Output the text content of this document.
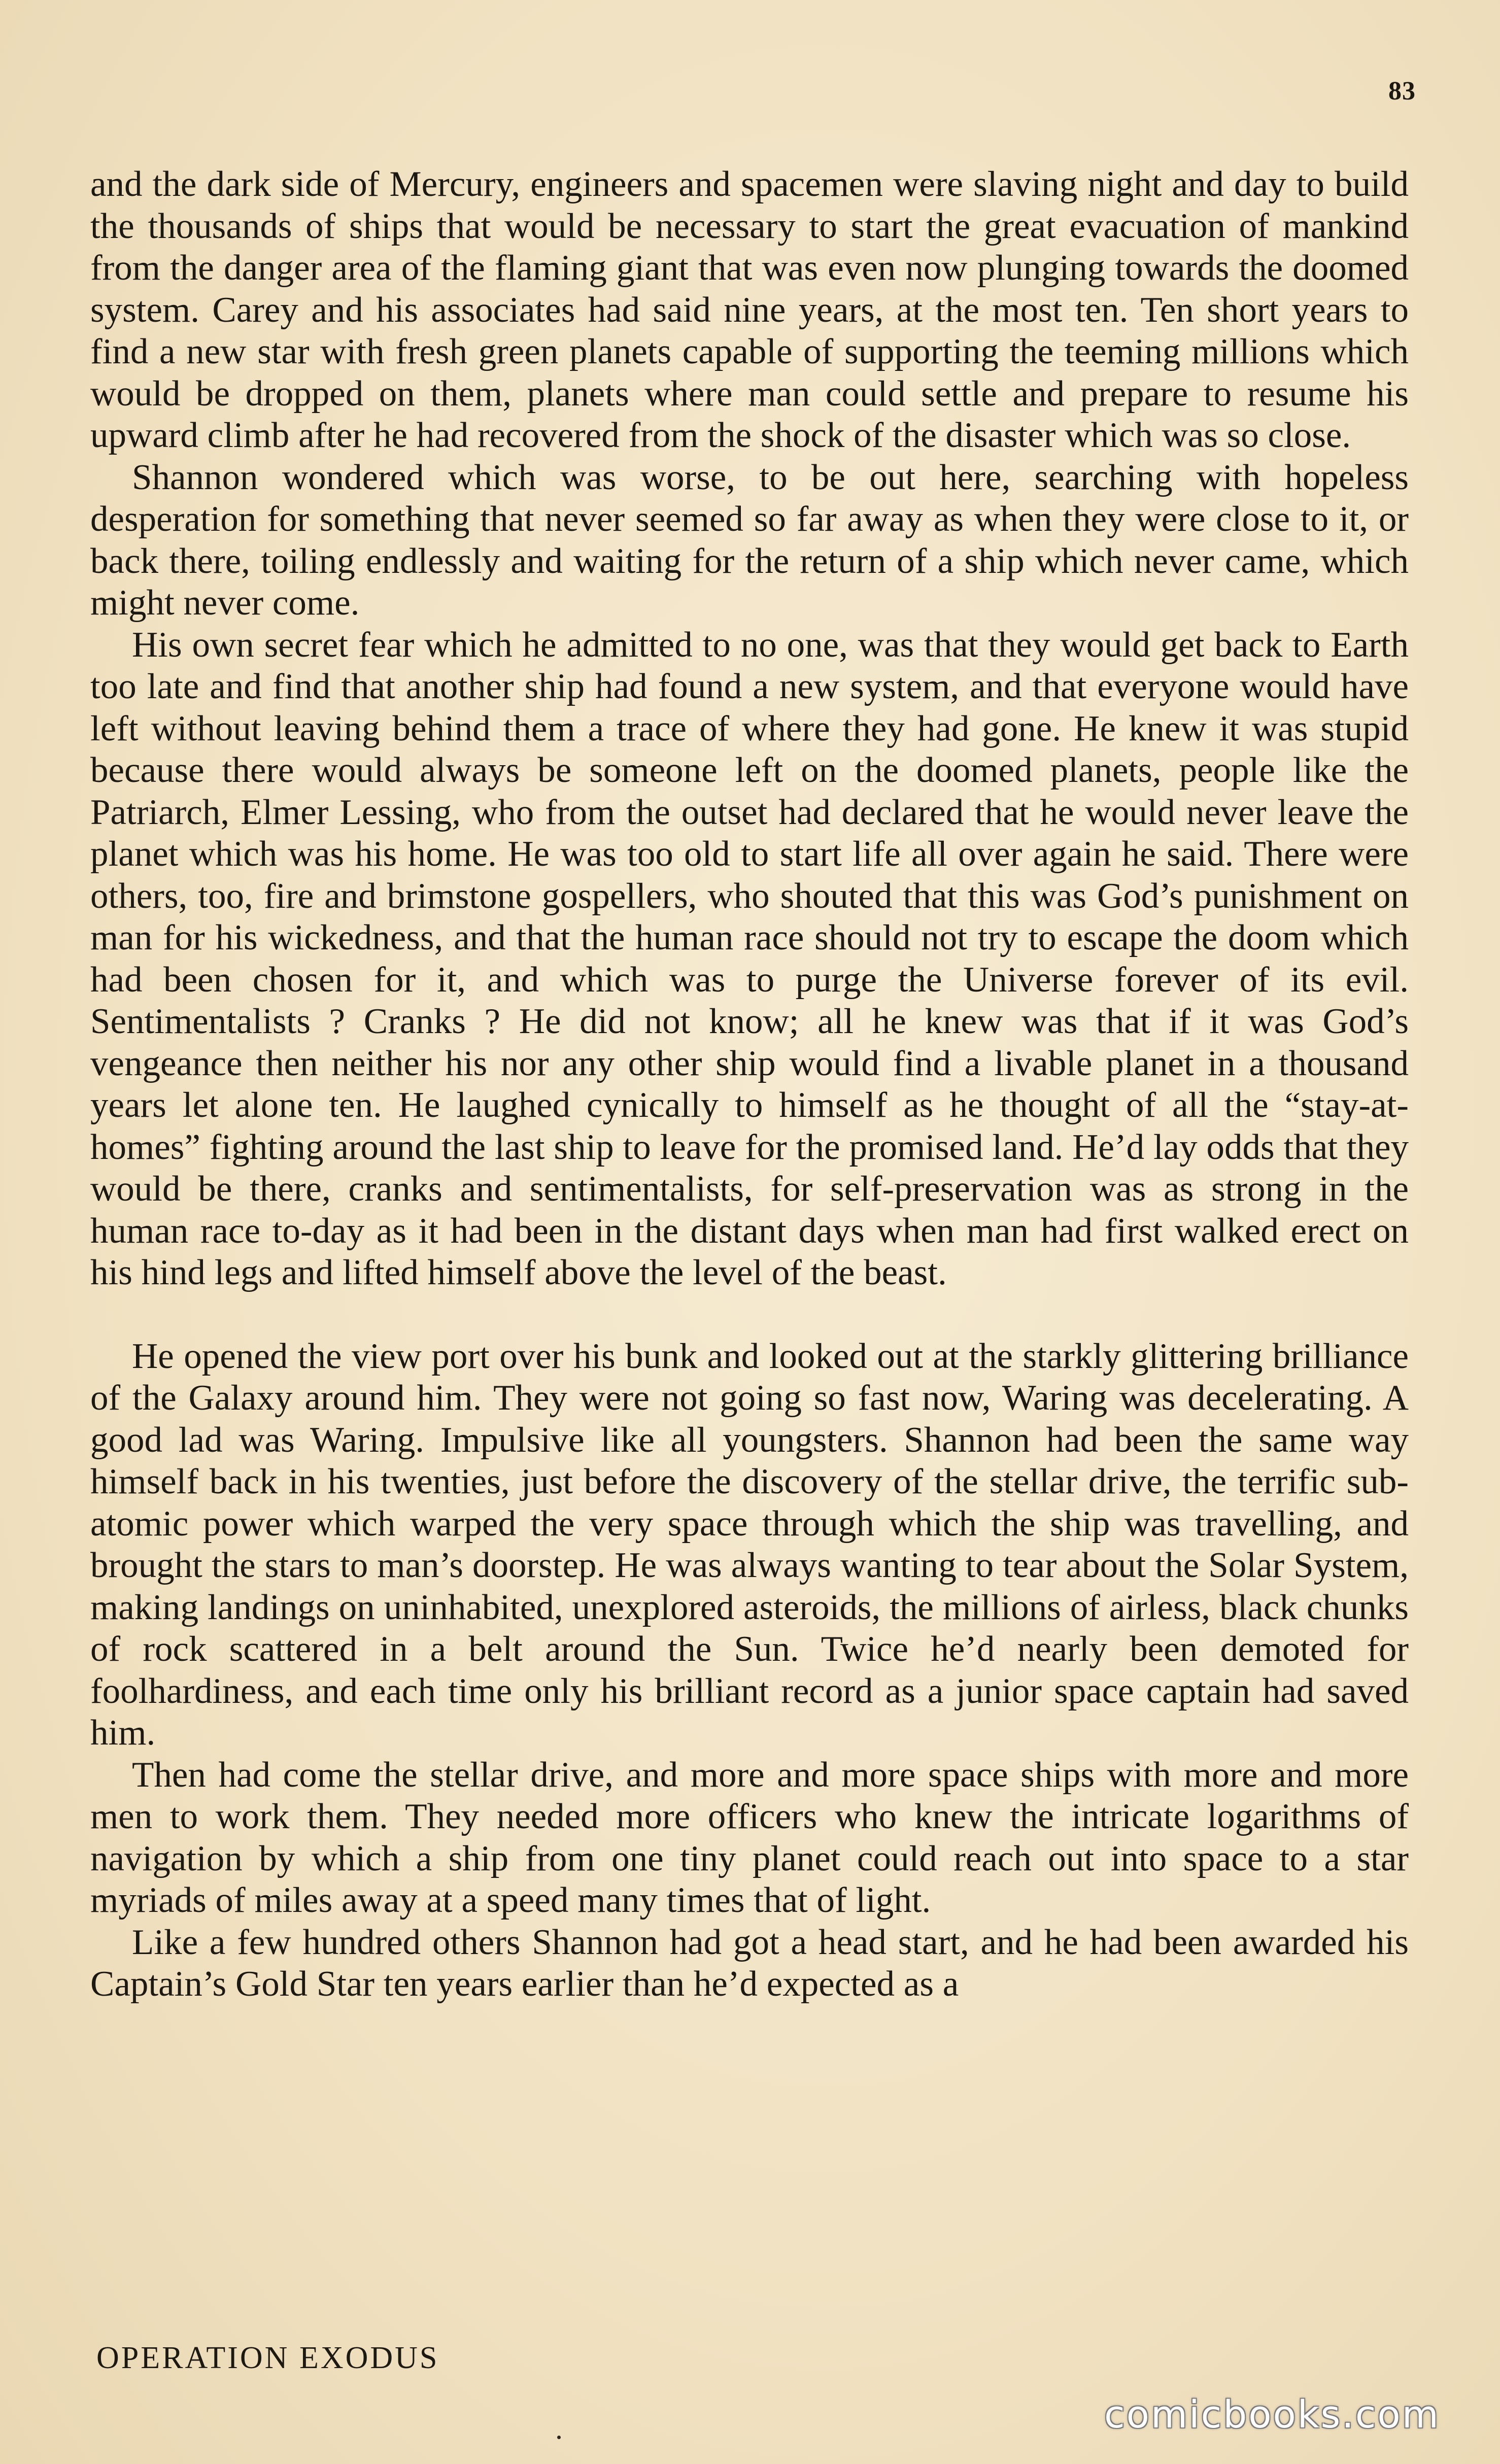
83

and the dark side of Mercury, engineers and spacemen were slaving night and day to build the thousands of ships that would be necessary to start the great evacuation of mankind from the danger area of the flaming giant that was even now plunging towards the doomed system. Carey and his associates had said nine years, at the most ten. Ten short years to find a new star with fresh green planets capable of supporting the teeming millions which would be dropped on them, planets where man could settle and prepare to resume his upward climb after he had recovered from the shock of the disaster which was so close.

Shannon wondered which was worse, to be out here, searching with hopeless desperation for something that never seemed so far away as when they were close to it, or back there, toiling endlessly and waiting for the return of a ship which never came, which might never come.

His own secret fear which he admitted to no one, was that they would get back to Earth too late and find that another ship had found a new system, and that everyone would have left without leaving behind them a trace of where they had gone. He knew it was stupid because there would always be someone left on the doomed planets, people like the Patriarch, Elmer Lessing, who from the outset had declared that he would never leave the planet which was his home. He was too old to start life all over again he said. There were others, too, fire and brimstone gospellers, who shouted that this was God’s punishment on man for his wickedness, and that the human race should not try to escape the doom which had been chosen for it, and which was to purge the Universe forever of its evil. Sentimentalists ? Cranks ? He did not know; all he knew was that if it was God’s vengeance then neither his nor any other ship would find a livable planet in a thousand years let alone ten. He laughed cynically to himself as he thought of all the “stay-at-homes” fighting around the last ship to leave for the promised land. He’d lay odds that they would be there, cranks and sentimentalists, for self-preservation was as strong in the human race to-day as it had been in the distant days when man had first walked erect on his hind legs and lifted himself above the level of the beast.

He opened the view port over his bunk and looked out at the starkly glittering brilliance of the Galaxy around him. They were not going so fast now, Waring was decelerating. A good lad was Waring. Impulsive like all youngsters. Shannon had been the same way himself back in his twenties, just before the discovery of the stellar drive, the terrific sub-atomic power which warped the very space through which the ship was travelling, and brought the stars to man’s doorstep. He was always wanting to tear about the Solar System, making landings on uninhabited, unexplored asteroids, the millions of airless, black chunks of rock scattered in a belt around the Sun. Twice he’d nearly been demoted for foolhardiness, and each time only his brilliant record as a junior space captain had saved him.

Then had come the stellar drive, and more and more space ships with more and more men to work them. They needed more officers who knew the intricate logarithms of navigation by which a ship from one tiny planet could reach out into space to a star myriads of miles away at a speed many times that of light.

Like a few hundred others Shannon had got a head start, and he had been awarded his Captain’s Gold Star ten years earlier than he’d expected as a

OPERATION EXODUS
comicbooks.com
